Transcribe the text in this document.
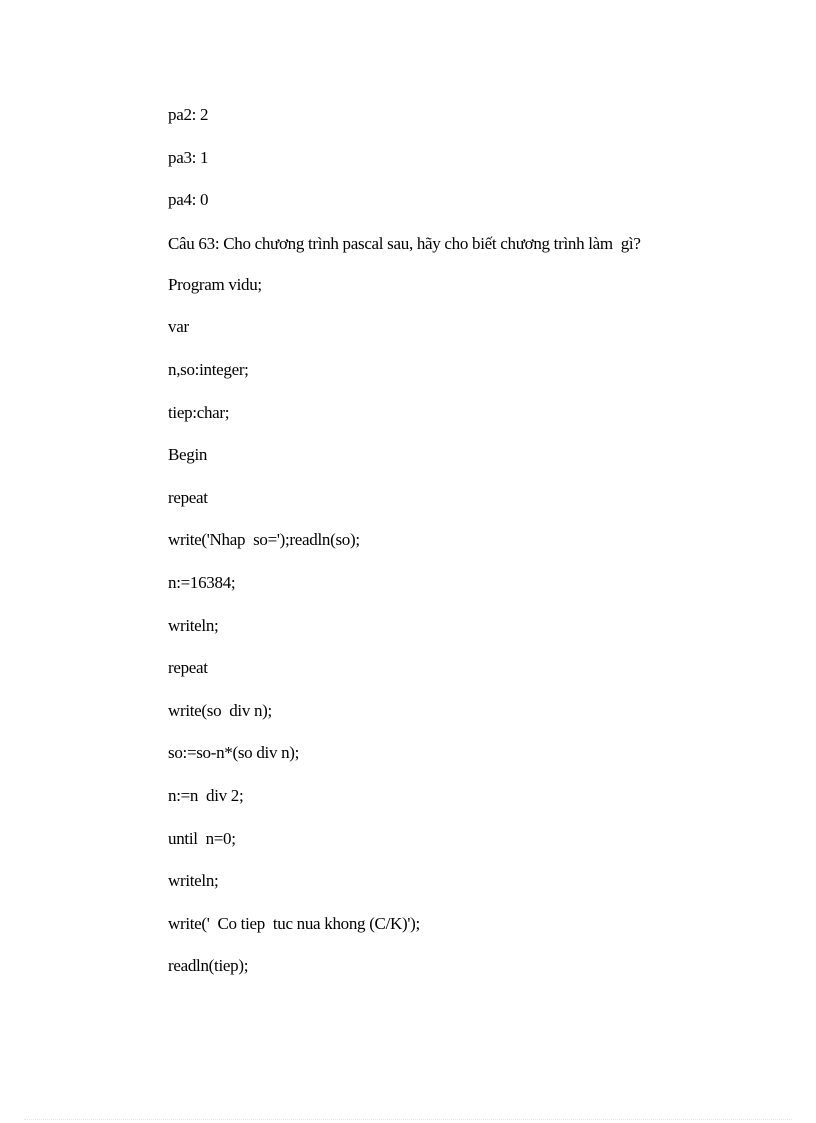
pa2: 2
pa3: 1
pa4: 0
Câu 63: Cho chương trình pascal sau, hãy cho biết chương trình làm  gì?
Program vidu;
var
n,so:integer;
tiep:char;
Begin
repeat
write('Nhap  so=');readln(so);
n:=16384;
writeln;
repeat
write(so  div n);
so:=so-n*(so div n);
n:=n  div 2;
until  n=0;
writeln;
write('  Co tiep  tuc nua khong (C/K)');
readln(tiep);
